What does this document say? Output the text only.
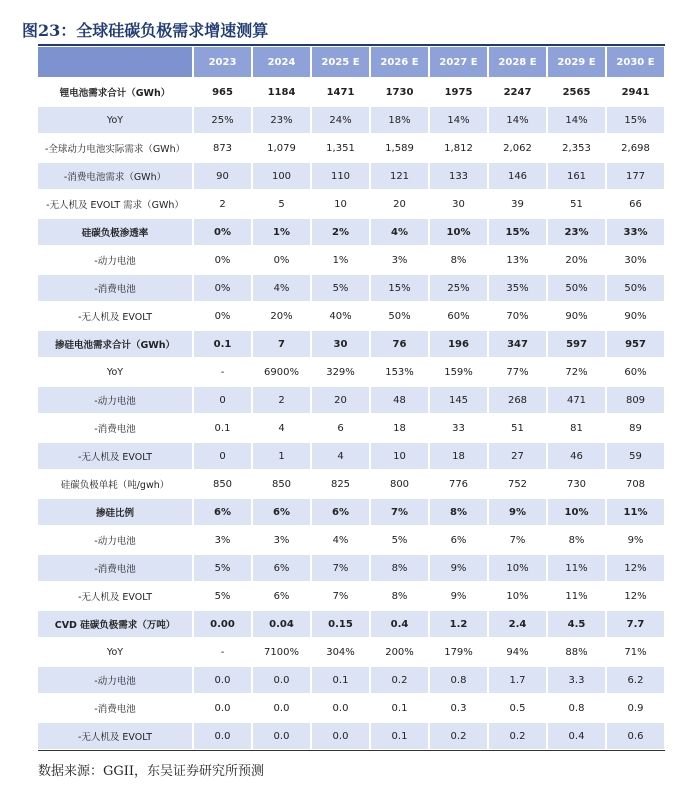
图23：全球硅碳负极需求增速测算
	2023	2024	2025 E	2026 E	2027 E	2028 E	2029 E	2030 E
锂电池需求合计（GWh）	965	1184	1471	1730	1975	2247	2565	2941
YoY	25%	23%	24%	18%	14%	14%	14%	15%
-全球动力电池实际需求（GWh）	873	1,079	1,351	1,589	1,812	2,062	2,353	2,698
-消费电池需求（GWh）	90	100	110	121	133	146	161	177
-无人机及 EVOLT 需求（GWh）	2	5	10	20	30	39	51	66
硅碳负极渗透率	0%	1%	2%	4%	10%	15%	23%	33%
-动力电池	0%	0%	1%	3%	8%	13%	20%	30%
-消费电池	0%	4%	5%	15%	25%	35%	50%	50%
-无人机及 EVOLT	0%	20%	40%	50%	60%	70%	90%	90%
掺硅电池需求合计（GWh）	0.1	7	30	76	196	347	597	957
YoY	-	6900%	329%	153%	159%	77%	72%	60%
-动力电池	0	2	20	48	145	268	471	809
-消费电池	0.1	4	6	18	33	51	81	89
-无人机及 EVOLT	0	1	4	10	18	27	46	59
硅碳负极单耗（吨/gwh）	850	850	825	800	776	752	730	708
掺硅比例	6%	6%	6%	7%	8%	9%	10%	11%
-动力电池	3%	3%	4%	5%	6%	7%	8%	9%
-消费电池	5%	6%	7%	8%	9%	10%	11%	12%
-无人机及 EVOLT	5%	6%	7%	8%	9%	10%	11%	12%
CVD 硅碳负极需求（万吨）	0.00	0.04	0.15	0.4	1.2	2.4	4.5	7.7
YoY	-	7100%	304%	200%	179%	94%	88%	71%
-动力电池	0.0	0.0	0.1	0.2	0.8	1.7	3.3	6.2
-消费电池	0.0	0.0	0.0	0.1	0.3	0.5	0.8	0.9
-无人机及 EVOLT	0.0	0.0	0.0	0.1	0.2	0.2	0.4	0.6
数据来源：GGII，东吴证券研究所预测
